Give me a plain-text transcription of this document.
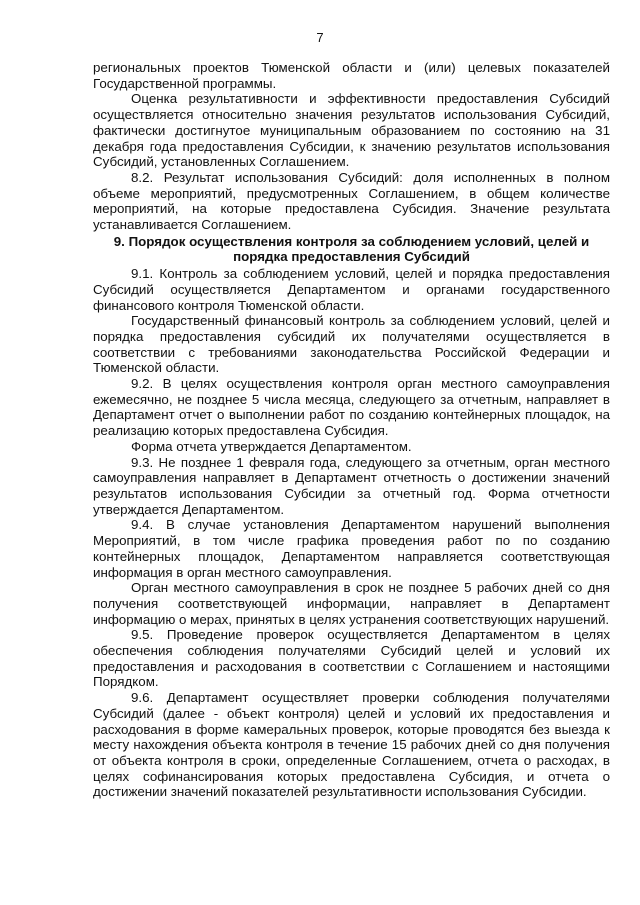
7

региональных проектов Тюменской области и (или) целевых показателей Государственной программы.

Оценка результативности и эффективности предоставления Субсидий осуществляется относительно значения результатов использования Субсидий, фактически достигнутое муниципальным образованием по состоянию на 31 декабря года предоставления Субсидии, к значению результатов использования Субсидий, установленных Соглашением.

8.2. Результат использования Субсидий: доля исполненных в полном объеме мероприятий, предусмотренных Соглашением, в общем количестве мероприятий, на которые предоставлена Субсидия. Значение результата устанавливается Соглашением.

9. Порядок осуществления контроля за соблюдением условий, целей и порядка предоставления Субсидий

9.1. Контроль за соблюдением условий, целей и порядка предоставления Субсидий осуществляется Департаментом и органами государственного финансового контроля Тюменской области.

Государственный финансовый контроль за соблюдением условий, целей и порядка предоставления субсидий их получателями осуществляется в соответствии с требованиями законодательства Российской Федерации и Тюменской области.

9.2. В целях осуществления контроля орган местного самоуправления ежемесячно, не позднее 5 числа месяца, следующего за отчетным, направляет в Департамент отчет о выполнении работ по созданию контейнерных площадок, на реализацию которых предоставлена Субсидия.

Форма отчета утверждается Департаментом.

9.3. Не позднее 1 февраля года, следующего за отчетным, орган местного самоуправления направляет в Департамент отчетность о достижении значений результатов использования Субсидии за отчетный год. Форма отчетности утверждается Департаментом.

9.4. В случае установления Департаментом нарушений выполнения Мероприятий, в том числе графика проведения работ по по созданию контейнерных площадок, Департаментом направляется соответствующая информация в орган местного самоуправления.

Орган местного самоуправления в срок не позднее 5 рабочих дней со дня получения соответствующей информации, направляет в Департамент информацию о мерах, принятых в целях устранения соответствующих нарушений.

9.5. Проведение проверок осуществляется Департаментом в целях обеспечения соблюдения получателями Субсидий целей и условий их предоставления и расходования в соответствии с Соглашением и настоящими Порядком.

9.6. Департамент осуществляет проверки соблюдения получателями Субсидий (далее - объект контроля) целей и условий их предоставления и расходования в форме камеральных проверок, которые проводятся без выезда к месту нахождения объекта контроля в течение 15 рабочих дней со дня получения от объекта контроля в сроки, определенные Соглашением, отчета о расходах, в целях софинансирования которых предоставлена Субсидия, и отчета о достижении значений показателей результативности использования Субсидии.
